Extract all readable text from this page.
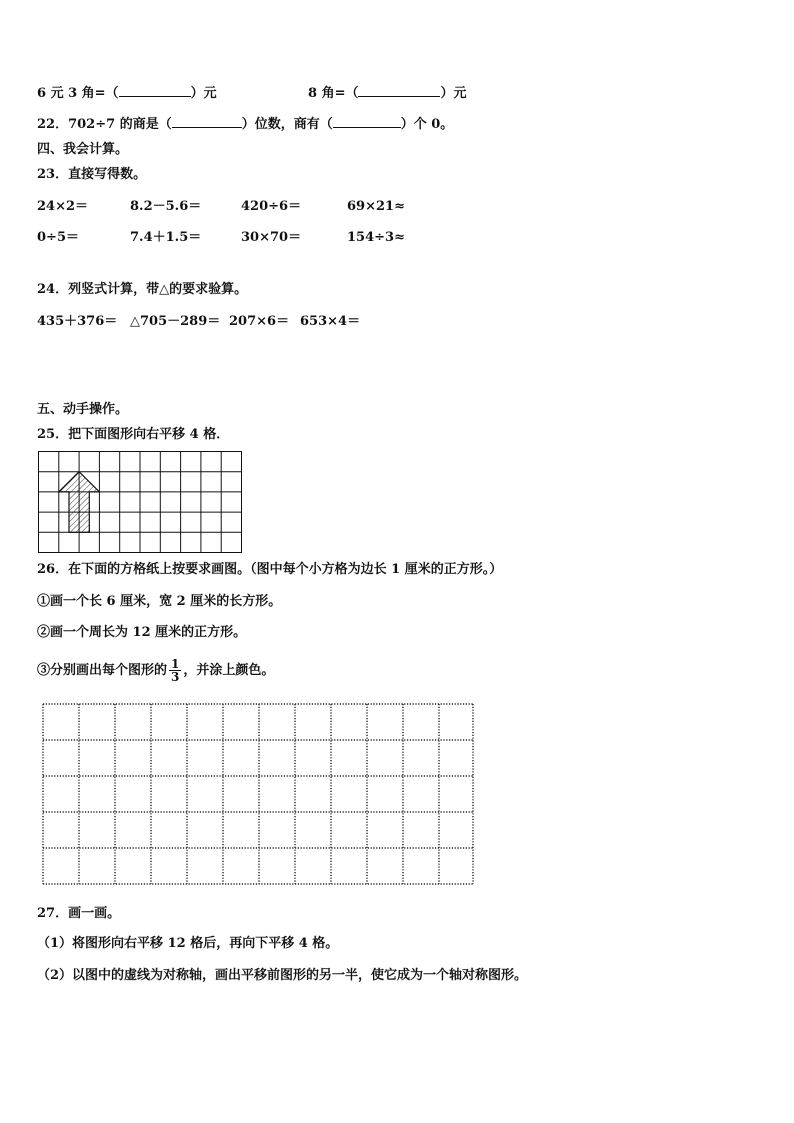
6 元 3 角=（	）元	8 角=（	）元
22．702÷7 的商是（	）位数，商有（	）个 0。
四、我会计算。
23．直接写得数。
24×2＝	8.2－5.6＝	420÷6＝	69×21≈
0÷5＝	7.4＋1.5＝	30×70＝	154÷3≈
24．列竖式计算，带△的要求验算。
435＋376＝ △705－289＝ 207×6＝ 653×4＝
五、动手操作。
25．把下面图形向右平移 4 格．
26．在下面的方格纸上按要求画图。（图中每个小方格为边长 1 厘米的正方形。）
①画一个长 6 厘米，宽 2 厘米的长方形。
②画一个周长为 12 厘米的正方形。
③分别画出每个图形的 $\frac{1}{3}$ ，并涂上颜色。
27．画一画。
（1）将图形向右平移 12 格后，再向下平移 4 格。
（2）以图中的虚线为对称轴，画出平移前图形的另一半，使它成为一个轴对称图形。
